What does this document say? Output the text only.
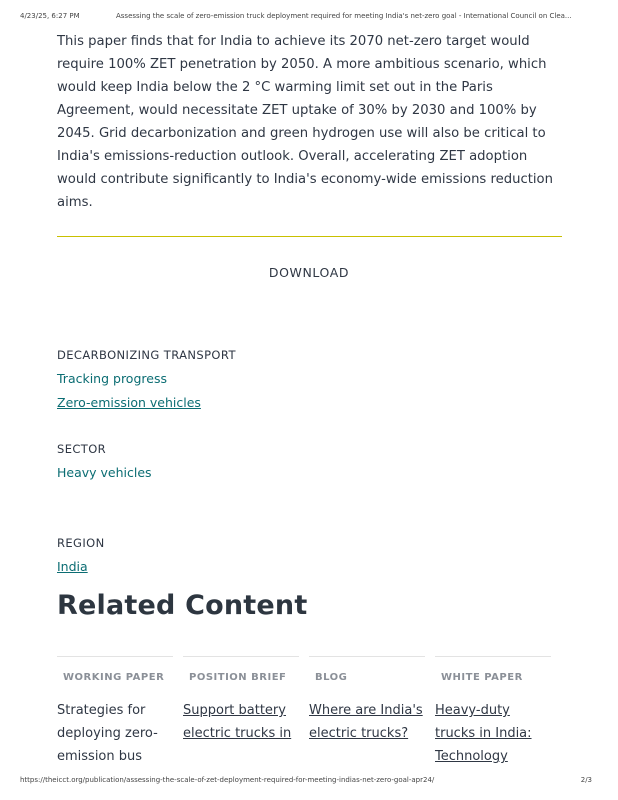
4/23/25, 6:27 PM	Assessing the scale of zero-emission truck deployment required for meeting India's net-zero goal - International Council on Clea...

This paper finds that for India to achieve its 2070 net-zero target would require 100% ZET penetration by 2050. A more ambitious scenario, which would keep India below the 2 °C warming limit set out in the Paris Agreement, would necessitate ZET uptake of 30% by 2030 and 100% by 2045. Grid decarbonization and green hydrogen use will also be critical to India's emissions-reduction outlook. Overall, accelerating ZET adoption would contribute significantly to India's economy-wide emissions reduction aims.

DOWNLOAD
DECARBONIZING TRANSPORT
Tracking progress
Zero-emission vehicles
SECTOR
Heavy vehicles
REGION
India
Related Content
WORKING PAPER
Strategies for deploying zero-emission bus
POSITION BRIEF
Support battery electric trucks in
BLOG
Where are India's electric trucks?
WHITE PAPER
Heavy-duty trucks in India: Technology
https://theicct.org/publication/assessing-the-scale-of-zet-deployment-required-for-meeting-indias-net-zero-goal-apr24/	2/3
